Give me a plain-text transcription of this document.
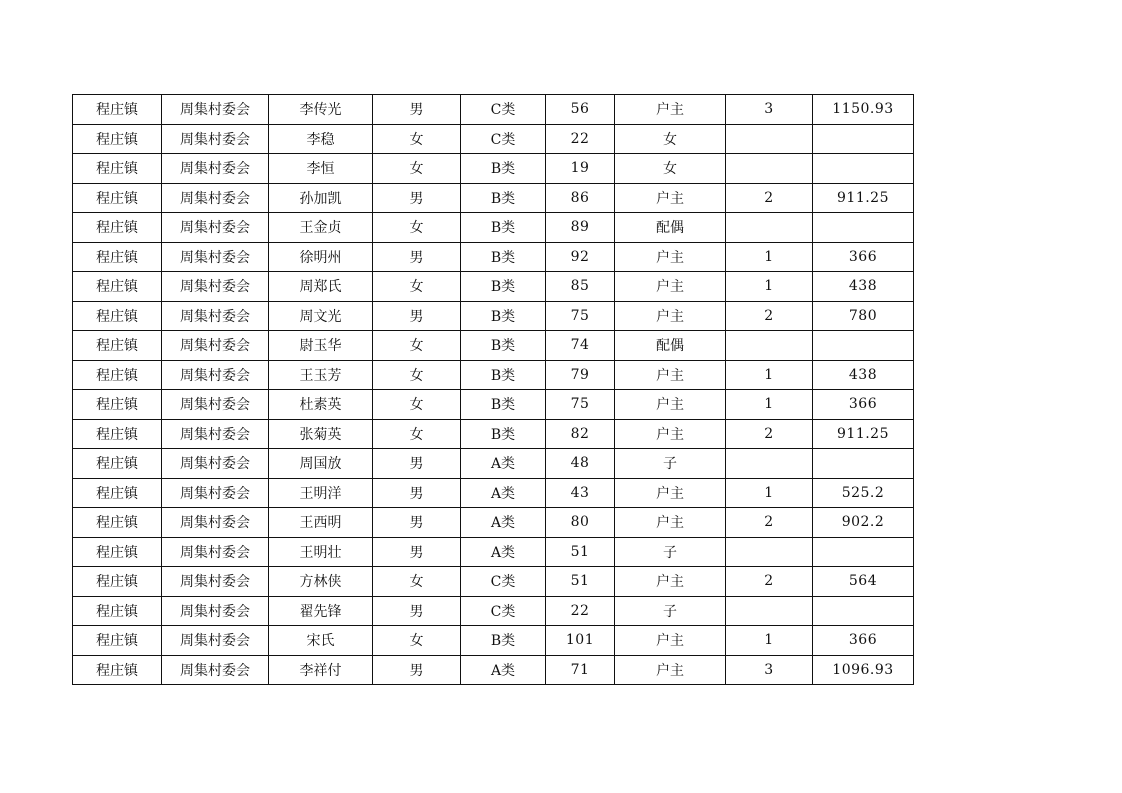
程庄镇	周集村委会	李传光	男	C类	56	户主	3	1150.93
程庄镇	周集村委会	李稳	女	C类	22	女		
程庄镇	周集村委会	李恒	女	B类	19	女		
程庄镇	周集村委会	孙加凯	男	B类	86	户主	2	911.25
程庄镇	周集村委会	王金贞	女	B类	89	配偶		
程庄镇	周集村委会	徐明州	男	B类	92	户主	1	366
程庄镇	周集村委会	周郑氏	女	B类	85	户主	1	438
程庄镇	周集村委会	周文光	男	B类	75	户主	2	780
程庄镇	周集村委会	尉玉华	女	B类	74	配偶		
程庄镇	周集村委会	王玉芳	女	B类	79	户主	1	438
程庄镇	周集村委会	杜素英	女	B类	75	户主	1	366
程庄镇	周集村委会	张菊英	女	B类	82	户主	2	911.25
程庄镇	周集村委会	周国放	男	A类	48	子		
程庄镇	周集村委会	王明洋	男	A类	43	户主	1	525.2
程庄镇	周集村委会	王西明	男	A类	80	户主	2	902.2
程庄镇	周集村委会	王明壮	男	A类	51	子		
程庄镇	周集村委会	方林侠	女	C类	51	户主	2	564
程庄镇	周集村委会	翟先锋	男	C类	22	子		
程庄镇	周集村委会	宋氏	女	B类	101	户主	1	366
程庄镇	周集村委会	李祥付	男	A类	71	户主	3	1096.93
